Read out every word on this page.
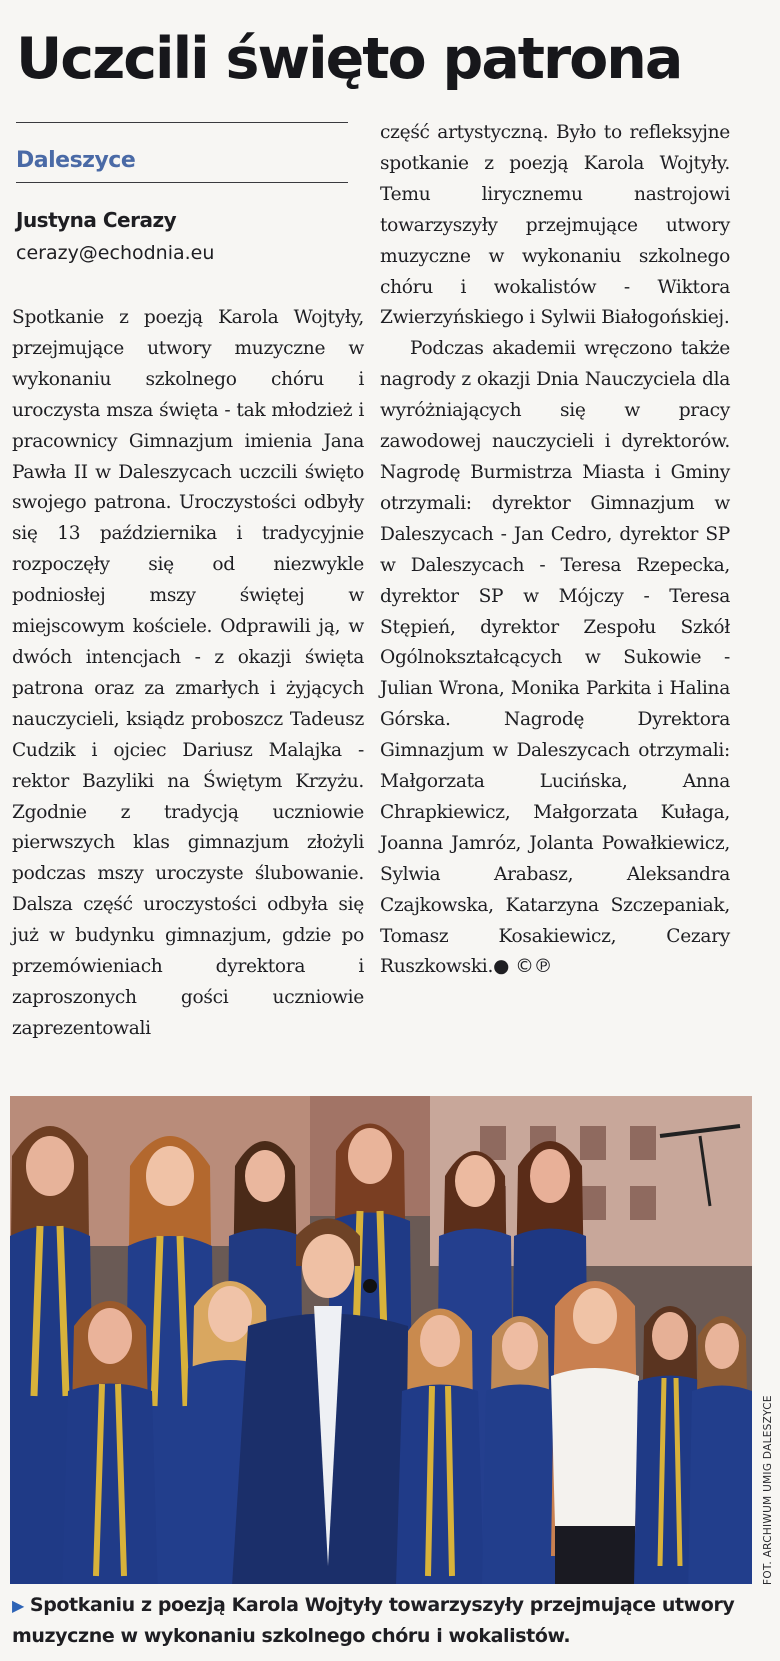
Uczcili święto patrona
Daleszyce
Justyna Cerazy
cerazy@echodnia.eu

Spotkanie z poezją Karola Wojtyły, przejmujące utwory muzyczne w wykonaniu szkolnego chóru i uroczysta msza święta - tak młodzież i pracownicy Gimnazjum imienia Jana Pawła II w Daleszycach uczcili święto swojego patrona. Uroczystości odbyły się 13 października i tradycyjnie rozpoczęły się od niezwykle podniosłej mszy świętej w miejscowym kościele. Odprawili ją, w dwóch intencjach - z okazji święta patrona oraz za zmarłych i żyjących nauczycieli, ksiądz proboszcz Tadeusz Cudzik i ojciec Dariusz Malajka - rektor Bazyliki na Świętym Krzyżu. Zgodnie z tradycją uczniowie pierwszych klas gimnazjum złożyli podczas mszy uroczyste ślubowanie. Dalsza część uroczystości odbyła się już w budynku gimnazjum, gdzie po przemówieniach dyrektora i zaproszonych gości uczniowie zaprezentowali

część artystyczną. Było to refleksyjne spotkanie z poezją Karola Wojtyły. Temu lirycznemu nastrojowi towarzyszyły przejmujące utwory muzyczne w wykonaniu szkolnego chóru i wokalistów - Wiktora Zwierzyńskiego i Sylwii Białogońskiej.

Podczas akademii wręczono także nagrody z okazji Dnia Nauczyciela dla wyróżniających się w pracy zawodowej nauczycieli i dyrektorów. Nagrodę Burmistrza Miasta i Gminy otrzymali: dyrektor Gimnazjum w Daleszycach - Jan Cedro, dyrektor SP w Daleszycach - Teresa Rzepecka, dyrektor SP w Mójczy - Teresa Stępień, dyrektor Zespołu Szkół Ogólnokształcących w Sukowie - Julian Wrona, Monika Parkita i Halina Górska. Nagrodę Dyrektora Gimnazjum w Daleszycach otrzymali: Małgorzata Lucińska, Anna Chrapkiewicz, Małgorzata Kułaga, Joanna Jamróz, Jolanta Powałkiewicz, Sylwia Arabasz, Aleksandra Czajkowska, Katarzyna Szczepaniak, Tomasz Kosakiewicz, Cezary Ruszkowski.● ©℗

FOT. ARCHIWUM UMIG DALESZYCE
▶ Spotkaniu z poezją Karola Wojtyły towarzyszyły przejmujące utwory muzyczne w wykonaniu szkolnego chóru i wokalistów.
